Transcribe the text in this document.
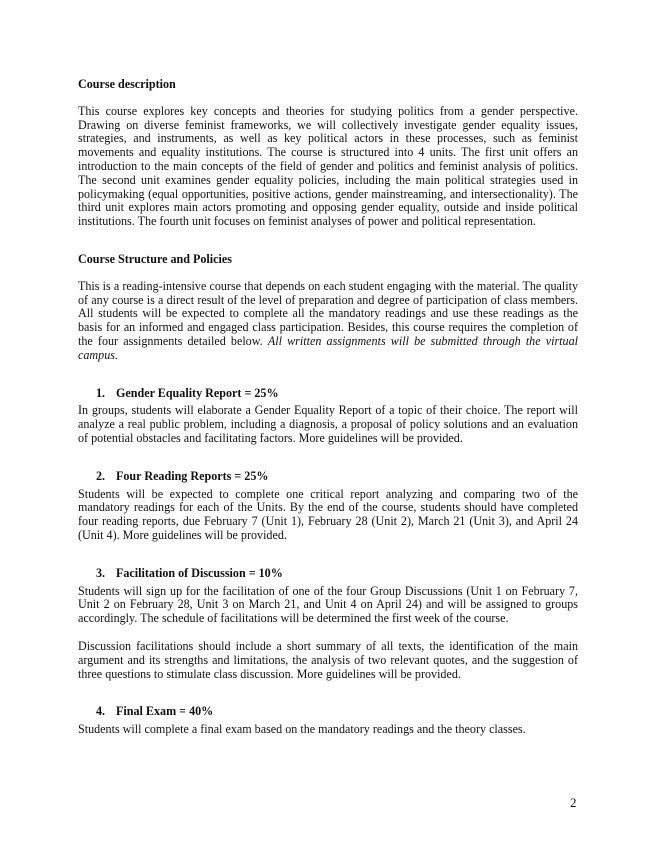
Course description

This course explores key concepts and theories for studying politics from a gender perspective. Drawing on diverse feminist frameworks, we will collectively investigate gender equality issues, strategies, and instruments, as well as key political actors in these processes, such as feminist movements and equality institutions. The course is structured into 4 units. The first unit offers an introduction to the main concepts of the field of gender and politics and feminist analysis of politics. The second unit examines gender equality policies, including the main political strategies used in policymaking (equal opportunities, positive actions, gender mainstreaming, and intersectionality). The third unit explores main actors promoting and opposing gender equality, outside and inside political institutions. The fourth unit focuses on feminist analyses of power and political representation.

Course Structure and Policies

This is a reading-intensive course that depends on each student engaging with the material. The quality of any course is a direct result of the level of preparation and degree of participation of class members. All students will be expected to complete all the mandatory readings and use these readings as the basis for an informed and engaged class participation. Besides, this course requires the completion of the four assignments detailed below. All written assignments will be submitted through the virtual campus.

1. Gender Equality Report = 25%

In groups, students will elaborate a Gender Equality Report of a topic of their choice. The report will analyze a real public problem, including a diagnosis, a proposal of policy solutions and an evaluation of potential obstacles and facilitating factors. More guidelines will be provided.

2. Four Reading Reports = 25%

Students will be expected to complete one critical report analyzing and comparing two of the mandatory readings for each of the Units. By the end of the course, students should have completed four reading reports, due February 7 (Unit 1), February 28 (Unit 2), March 21 (Unit 3), and April 24 (Unit 4). More guidelines will be provided.

3. Facilitation of Discussion = 10%

Students will sign up for the facilitation of one of the four Group Discussions (Unit 1 on February 7, Unit 2 on February 28, Unit 3 on March 21, and Unit 4 on April 24) and will be assigned to groups accordingly. The schedule of facilitations will be determined the first week of the course.

Discussion facilitations should include a short summary of all texts, the identification of the main argument and its strengths and limitations, the analysis of two relevant quotes, and the suggestion of three questions to stimulate class discussion. More guidelines will be provided.

4. Final Exam = 40%

Students will complete a final exam based on the mandatory readings and the theory classes.

2
